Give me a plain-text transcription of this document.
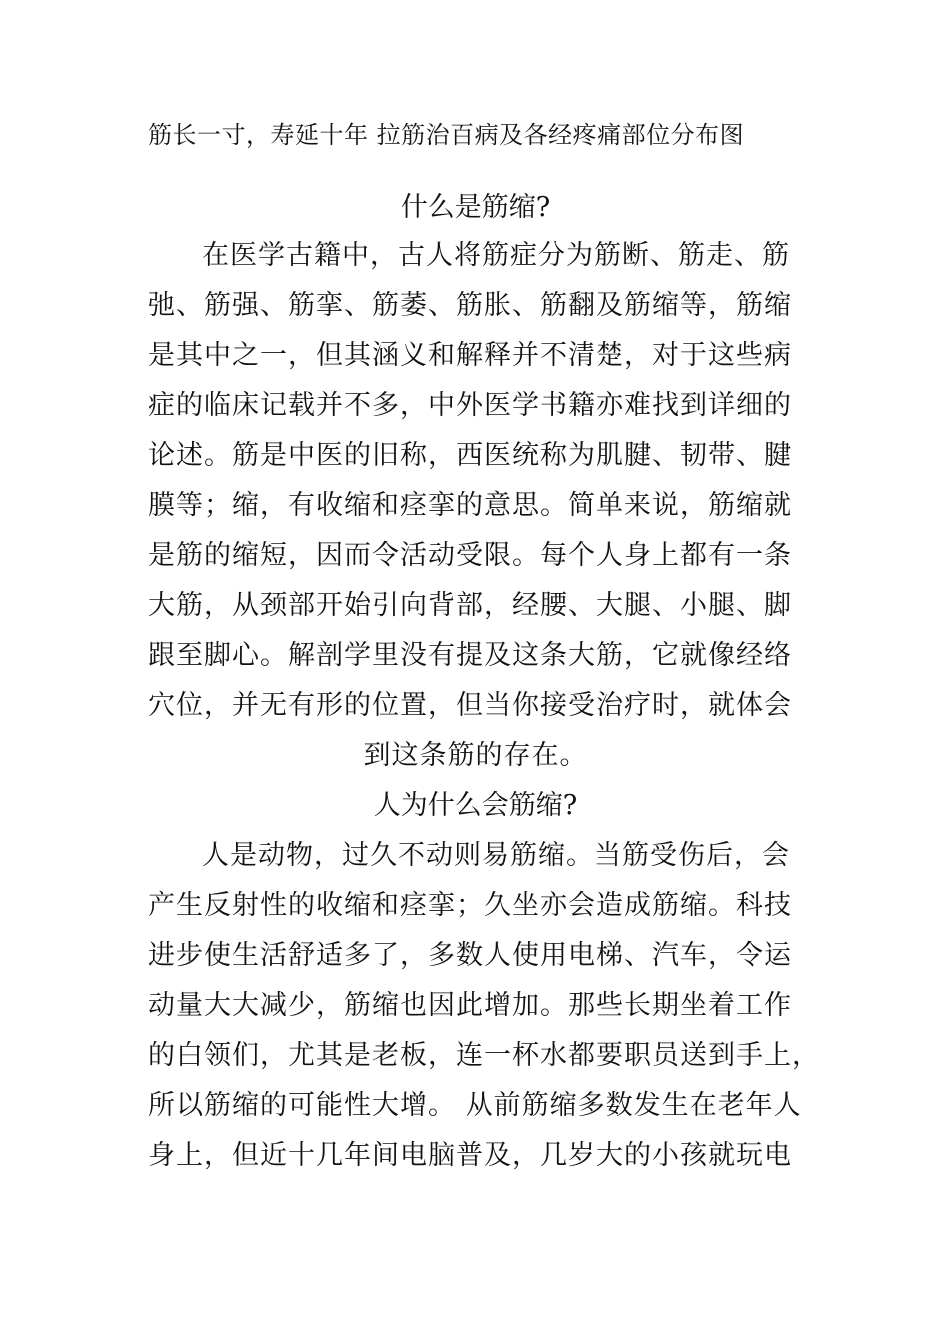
筋长一寸，寿延十年 拉筋治百病及各经疼痛部位分布图
什么是筋缩?
在医学古籍中，古人将筋症分为筋断、筋走、筋
弛、筋强、筋挛、筋萎、筋胀、筋翻及筋缩等，筋缩
是其中之一，但其涵义和解释并不清楚，对于这些病
症的临床记载并不多，中外医学书籍亦难找到详细的
论述。筋是中医的旧称，西医统称为肌腱、韧带、腱
膜等；缩，有收缩和痉挛的意思。简单来说，筋缩就
是筋的缩短，因而令活动受限。每个人身上都有一条
大筋，从颈部开始引向背部，经腰、大腿、小腿、脚
跟至脚心。解剖学里没有提及这条大筋，它就像经络
穴位，并无有形的位置，但当你接受治疗时，就体会
到这条筋的存在。
人为什么会筋缩?
人是动物，过久不动则易筋缩。当筋受伤后，会
产生反射性的收缩和痉挛；久坐亦会造成筋缩。科技
进步使生活舒适多了，多数人使用电梯、汽车，令运
动量大大减少，筋缩也因此增加。那些长期坐着工作
的白领们，尤其是老板，连一杯水都要职员送到手上，
所以筋缩的可能性大增。 从前筋缩多数发生在老年人
身上，但近十几年间电脑普及，几岁大的小孩就玩电
